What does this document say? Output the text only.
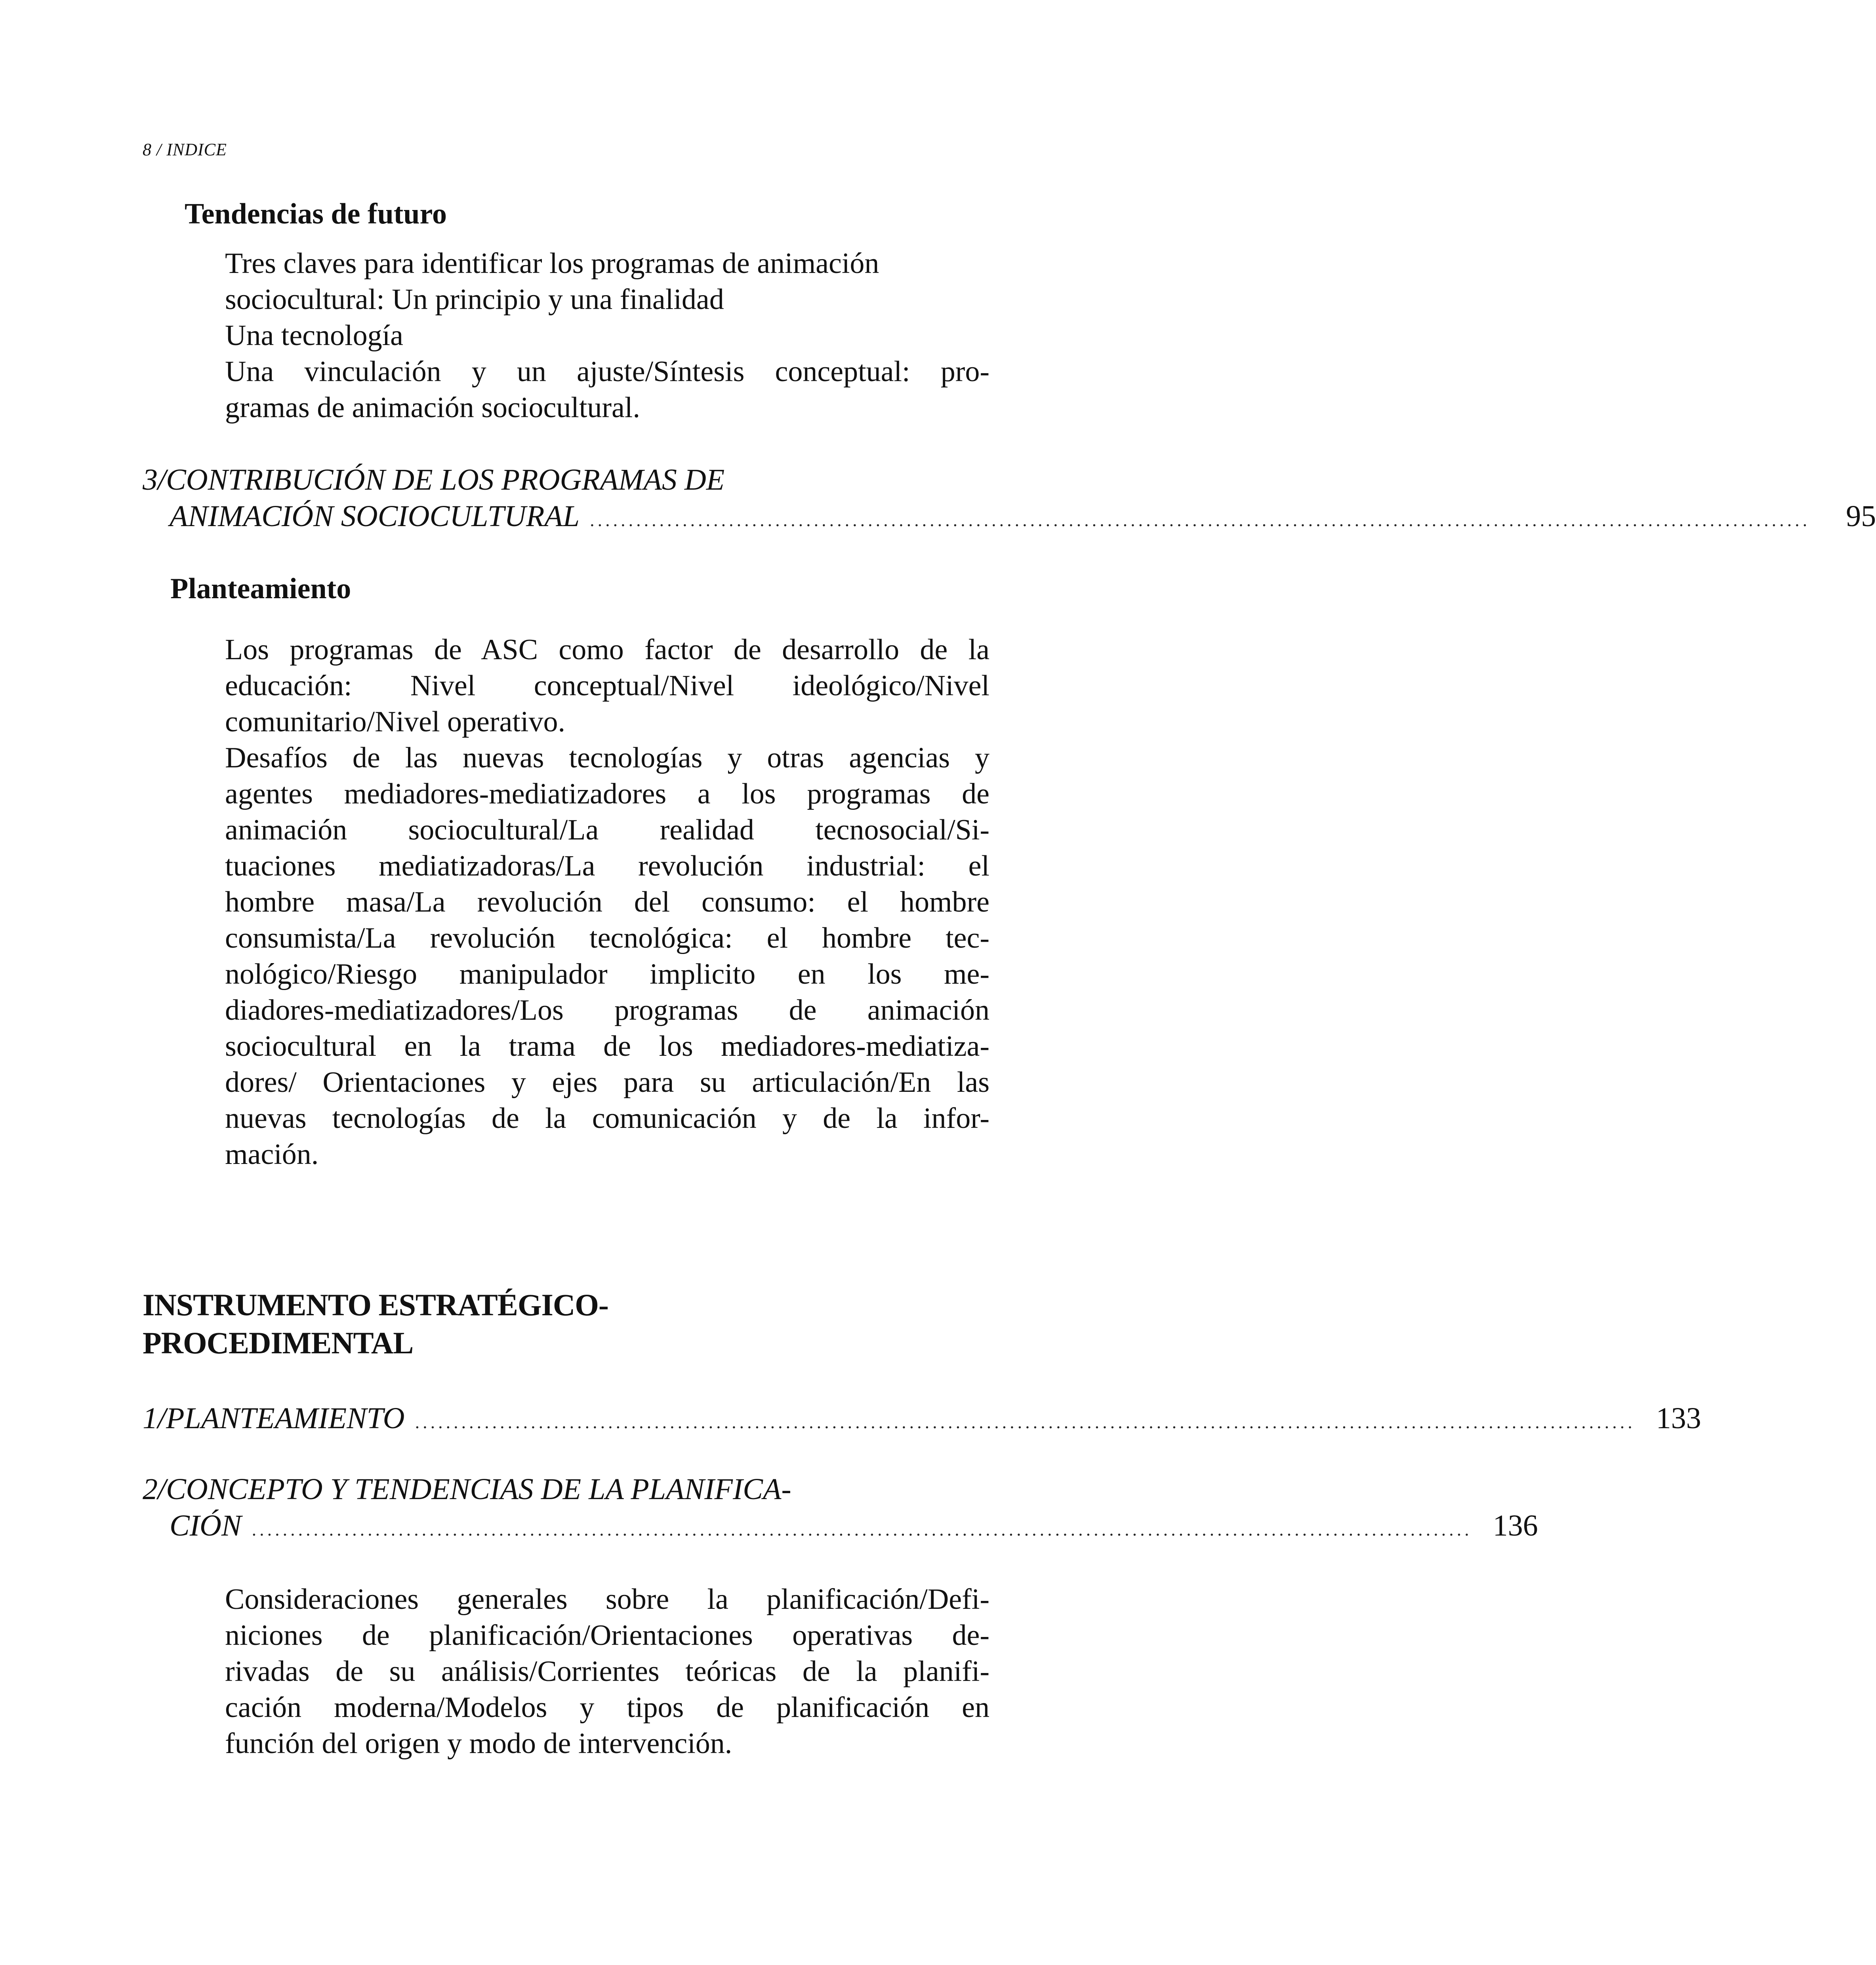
8 / INDICE
Tendencias de futuro
Tres claves para identificar los programas de animación
sociocultural: Un principio y una finalidad
Una tecnología
Una vinculación y un ajuste/Síntesis conceptual: pro-
gramas de animación sociocultural.
3/CONTRIBUCIÓN DE LOS PROGRAMAS DE
ANIMACIÓN SOCIOCULTURAL ..............................................................................................................................................................	95
Planteamiento
Los programas de ASC como factor de desarrollo de la
educación: Nivel conceptual/Nivel ideológico/Nivel
comunitario/Nivel operativo.
Desafíos de las nuevas tecnologías y otras agencias y
agentes mediadores-mediatizadores a los programas de
animación sociocultural/La realidad tecnosocial/Si-
tuaciones mediatizadoras/La revolución industrial: el
hombre masa/La revolución del consumo: el hombre
consumista/La revolución tecnológica: el hombre tec-
nológico/Riesgo manipulador implicito en los me-
diadores-mediatizadores/Los programas de animación
sociocultural en la trama de los mediadores-mediatiza-
dores/ Orientaciones y ejes para su articulación/En las
nuevas tecnologías de la comunicación y de la infor-
mación.
INSTRUMENTO ESTRATÉGICO-
PROCEDIMENTAL
1/PLANTEAMIENTO .............................................................................................................................................................. 133
2/CONCEPTO Y TENDENCIAS DE LA PLANIFICA-
CIÓN .............................................................................................................................................................. 136
Consideraciones generales sobre la planificación/Defi-
niciones de planificación/Orientaciones operativas de-
rivadas de su análisis/Corrientes teóricas de la planifi-
cación moderna/Modelos y tipos de planificación en
función del origen y modo de intervención.
